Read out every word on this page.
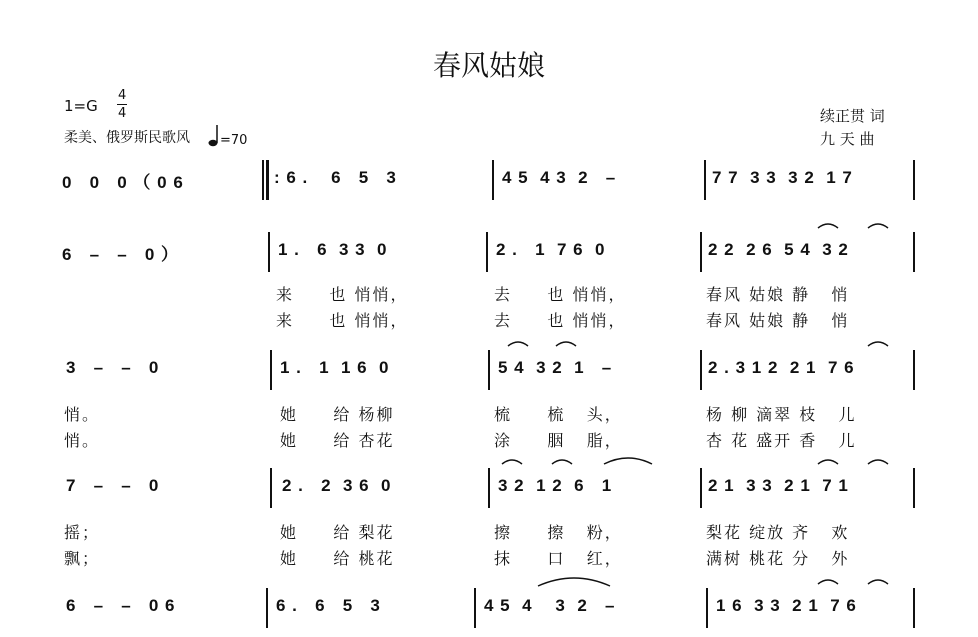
春风姑娘
1=G
4
4
柔美、俄罗斯民歌风 =70
续正贯 词
九 天 曲
0   0   0 （ 0 6	: 6 .    6   5   3	4 5  4 3  2   –	7 7  3 3  3 2  1 7
6   –   –   0 ）	1 .   6  3 3  0	2 .   1  7 6  0	2 2  2 6  5 4  3 2
来     也 悄悄，	去     也 悄悄，	春风 姑娘 静   悄
来     也 悄悄，	去     也 悄悄，	春风 姑娘 静   悄
3   –   –   0	1 .   1  1 6  0	5 4  3 2  1   –	2 . 3 1 2  2 1  7 6
悄。	她     给 杨柳	梳     梳   头，	杨 柳 滴翠 枝   儿
悄。	她     给 杏花	涂     胭   脂，	杏 花 盛开 香   儿
7   –   –   0	2 .   2  3 6  0	3 2  1 2  6   1	2 1  3 3  2 1  7 1
摇；	她     给 梨花	擦     擦   粉，	梨花 绽放 齐   欢
飘；	她     给 桃花	抹     口   红，	满树 桃花 分   外
6   –   –   0 6	6 .   6   5   3	4 5  4    3  2   –	1 6  3 3  2 1  7 6
